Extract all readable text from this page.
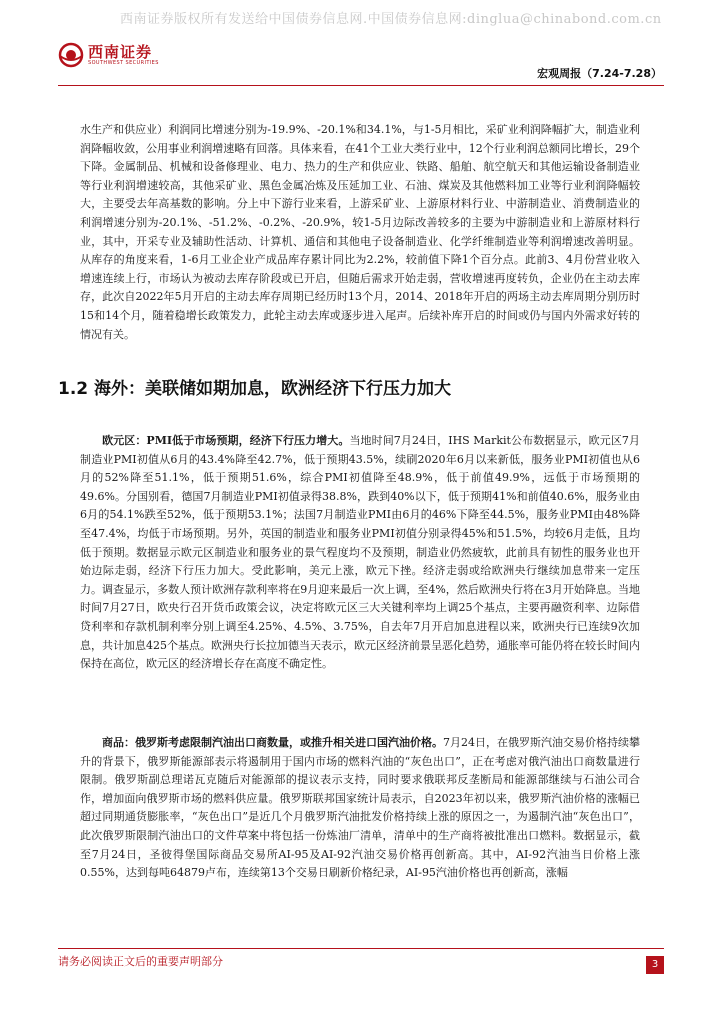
西南证券版权所有发送给中国债券信息网.中国债券信息网:dinglua@chinabond.com.cn
西南证券
SOUTHWEST SECURITIES
宏观周报（7.24-7.28）

水生产和供应业）利润同比增速分别为-19.9%、-20.1%和34.1%，与1-5月相比，采矿业利润降幅扩大，制造业利润降幅收敛，公用事业利润增速略有回落。具体来看，在41个工业大类行业中，12个行业利润总额同比增长，29个下降。金属制品、机械和设备修理业、电力、热力的生产和供应业、铁路、船舶、航空航天和其他运输设备制造业等行业利润增速较高，其他采矿业、黑色金属冶炼及压延加工业、石油、煤炭及其他燃料加工业等行业利润降幅较大，主要受去年高基数的影响。分上中下游行业来看，上游采矿业、上游原材料行业、中游制造业、消费制造业的利润增速分别为-20.1%、-51.2%、-0.2%、-20.9%，较1-5月边际改善较多的主要为中游制造业和上游原材料行业，其中，开采专业及辅助性活动、计算机、通信和其他电子设备制造业、化学纤维制造业等利润增速改善明显。从库存的角度来看，1-6月工业企业产成品库存累计同比为2.2%，较前值下降1个百分点。此前3、4月份营业收入增速连续上行，市场认为被动去库存阶段或已开启，但随后需求开始走弱，营收增速再度转负，企业仍在主动去库存，此次自2022年5月开启的主动去库存周期已经历时13个月，2014、2018年开启的两场主动去库周期分别历时15和14个月，随着稳增长政策发力，此轮主动去库或逐步进入尾声。后续补库开启的时间或仍与国内外需求好转的情况有关。

1.2 海外：美联储如期加息，欧洲经济下行压力加大

欧元区：PMI低于市场预期，经济下行压力增大。当地时间7月24日，IHS Markit公布数据显示，欧元区7月制造业PMI初值从6月的43.4%降至42.7%，低于预期43.5%，续刷2020年6月以来新低，服务业PMI初值也从6月的52%降至51.1%，低于预期51.6%，综合PMI初值降至48.9%，低于前值49.9%，远低于市场预期的49.6%。分国别看，德国7月制造业PMI初值录得38.8%，跌到40%以下，低于预期41%和前值40.6%，服务业由6月的54.1%跌至52%，低于预期53.1%；法国7月制造业PMI由6月的46%下降至44.5%，服务业PMI由48%降至47.4%，均低于市场预期。另外，英国的制造业和服务业PMI初值分别录得45%和51.5%，均较6月走低，且均低于预期。数据显示欧元区制造业和服务业的景气程度均不及预期，制造业仍然疲软，此前具有韧性的服务业也开始边际走弱，经济下行压力加大。受此影响，美元上涨，欧元下挫。经济走弱或给欧洲央行继续加息带来一定压力。调查显示，多数人预计欧洲存款利率将在9月迎来最后一次上调，至4%，然后欧洲央行将在3月开始降息。当地时间7月27日，欧央行召开货币政策会议，决定将欧元区三大关键利率均上调25个基点，主要再融资利率、边际借贷利率和存款机制利率分别上调至4.25%、4.5%、3.75%，自去年7月开启加息进程以来，欧洲央行已连续9次加息，共计加息425个基点。欧洲央行长拉加德当天表示，欧元区经济前景呈恶化趋势，通胀率可能仍将在较长时间内保持在高位，欧元区的经济增长存在高度不确定性。

商品：俄罗斯考虑限制汽油出口商数量，或推升相关进口国汽油价格。7月24日，在俄罗斯汽油交易价格持续攀升的背景下，俄罗斯能源部表示将遏制用于国内市场的燃料汽油的“灰色出口”，正在考虑对俄汽油出口商数量进行限制。俄罗斯副总理诺瓦克随后对能源部的提议表示支持，同时要求俄联邦反垄断局和能源部继续与石油公司合作，增加面向俄罗斯市场的燃料供应量。俄罗斯联邦国家统计局表示，自2023年初以来，俄罗斯汽油价格的涨幅已超过同期通货膨胀率，“灰色出口”是近几个月俄罗斯汽油批发价格持续上涨的原因之一，为遏制汽油“灰色出口”，此次俄罗斯限制汽油出口的文件草案中将包括一份炼油厂清单，清单中的生产商将被批准出口燃料。数据显示，截至7月24日，圣彼得堡国际商品交易所AI-95及AI-92汽油交易价格再创新高。其中，AI-92汽油当日价格上涨0.55%，达到每吨64879卢布，连续第13个交易日刷新价格纪录，AI-95汽油价格也再创新高，涨幅

请务必阅读正文后的重要声明部分	3
